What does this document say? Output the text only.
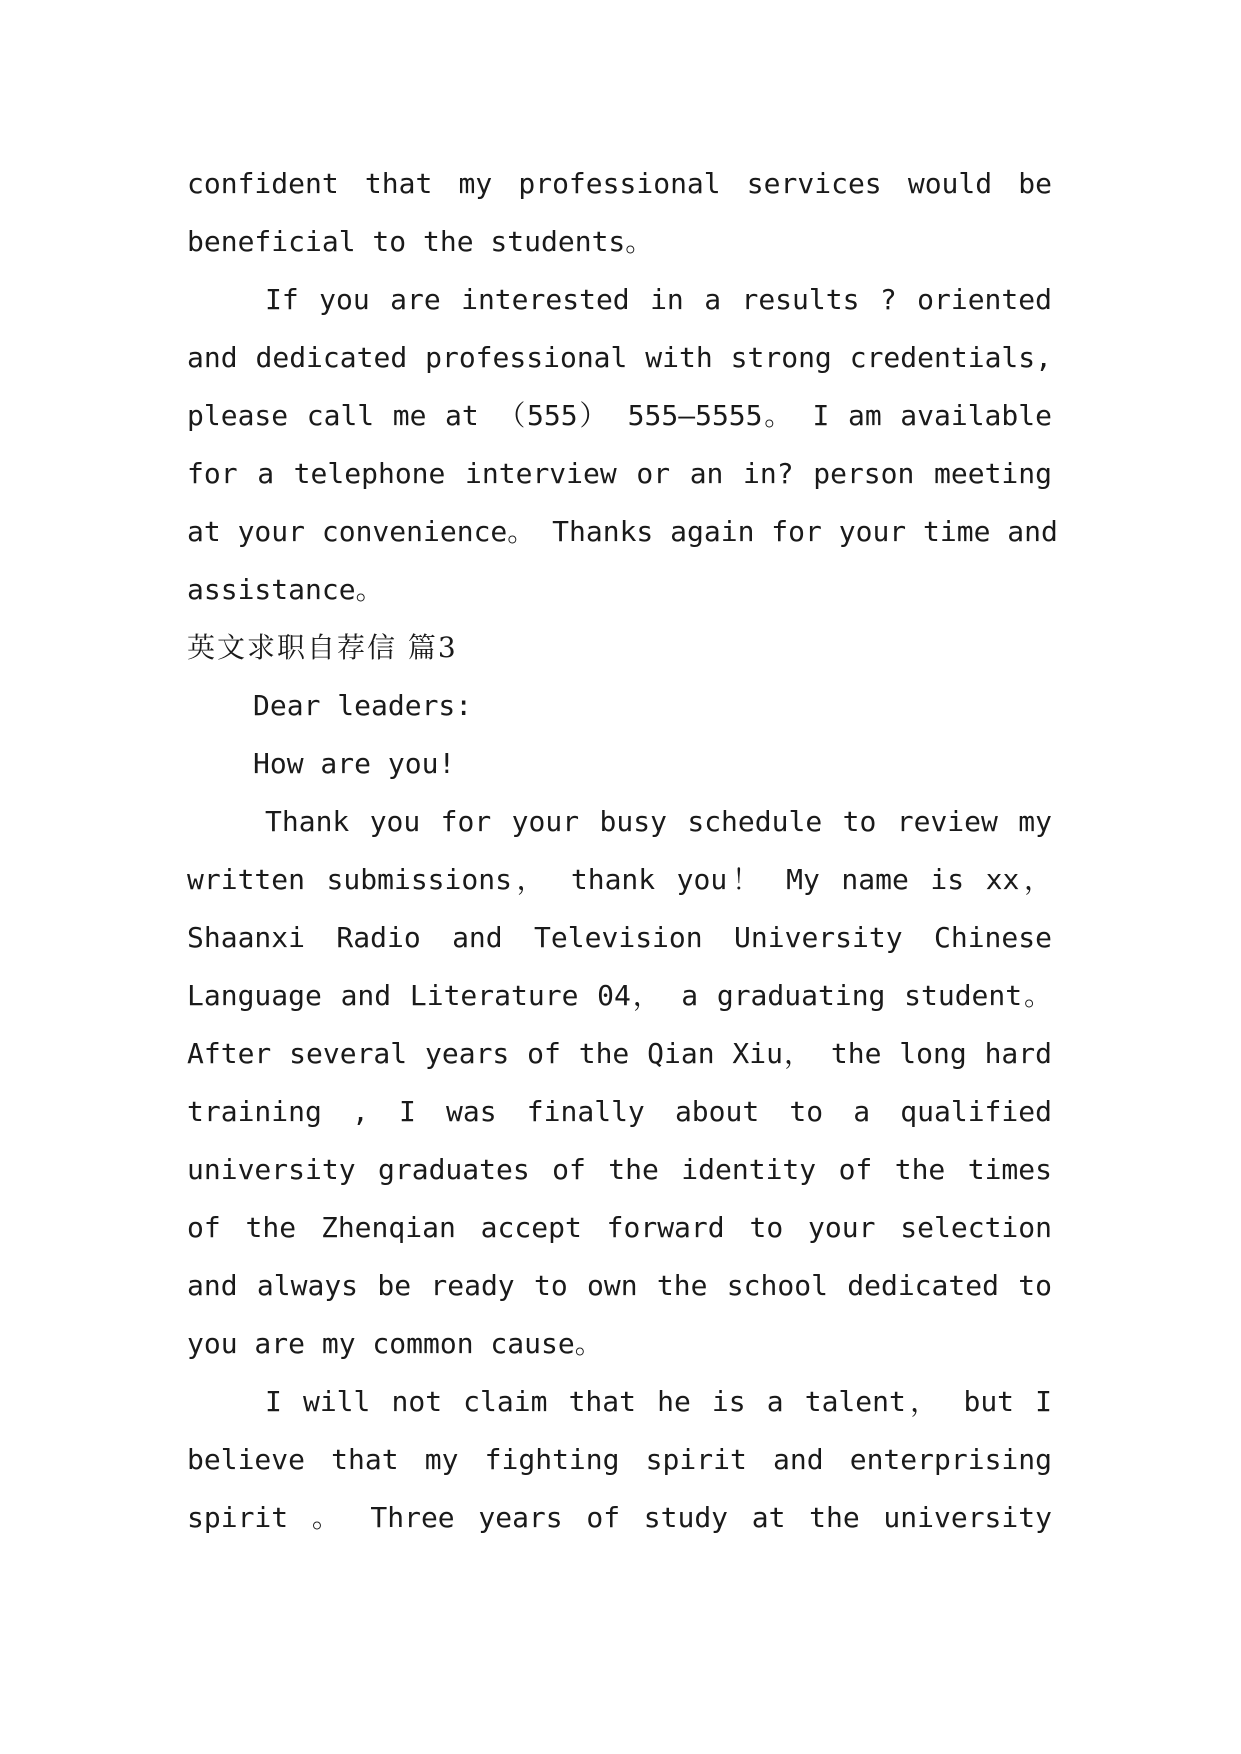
confident that my professional services would be
beneficial to the students。
If you are interested in a results ? oriented
and dedicated professional with strong credentials,
please call me at （555） 555—5555。 I am available
for a telephone interview or an in? person meeting
at your convenience。 Thanks again for your time and
assistance。
英文求职自荐信 篇3
Dear leaders:
How are you!
Thank you for your busy schedule to review my
written submissions， thank you！ My name is xx，
Shaanxi Radio and Television University Chinese
Language and Literature 04， a graduating student。
After several years of the Qian Xiu， the long hard
training , I was finally about to a qualified
university graduates of the identity of the times
of the Zhenqian accept forward to your selection
and always be ready to own the school dedicated to
you are my common cause。
I will not claim that he is a talent， but I
believe that my fighting spirit and enterprising
spirit 。 Three years of study at the university
